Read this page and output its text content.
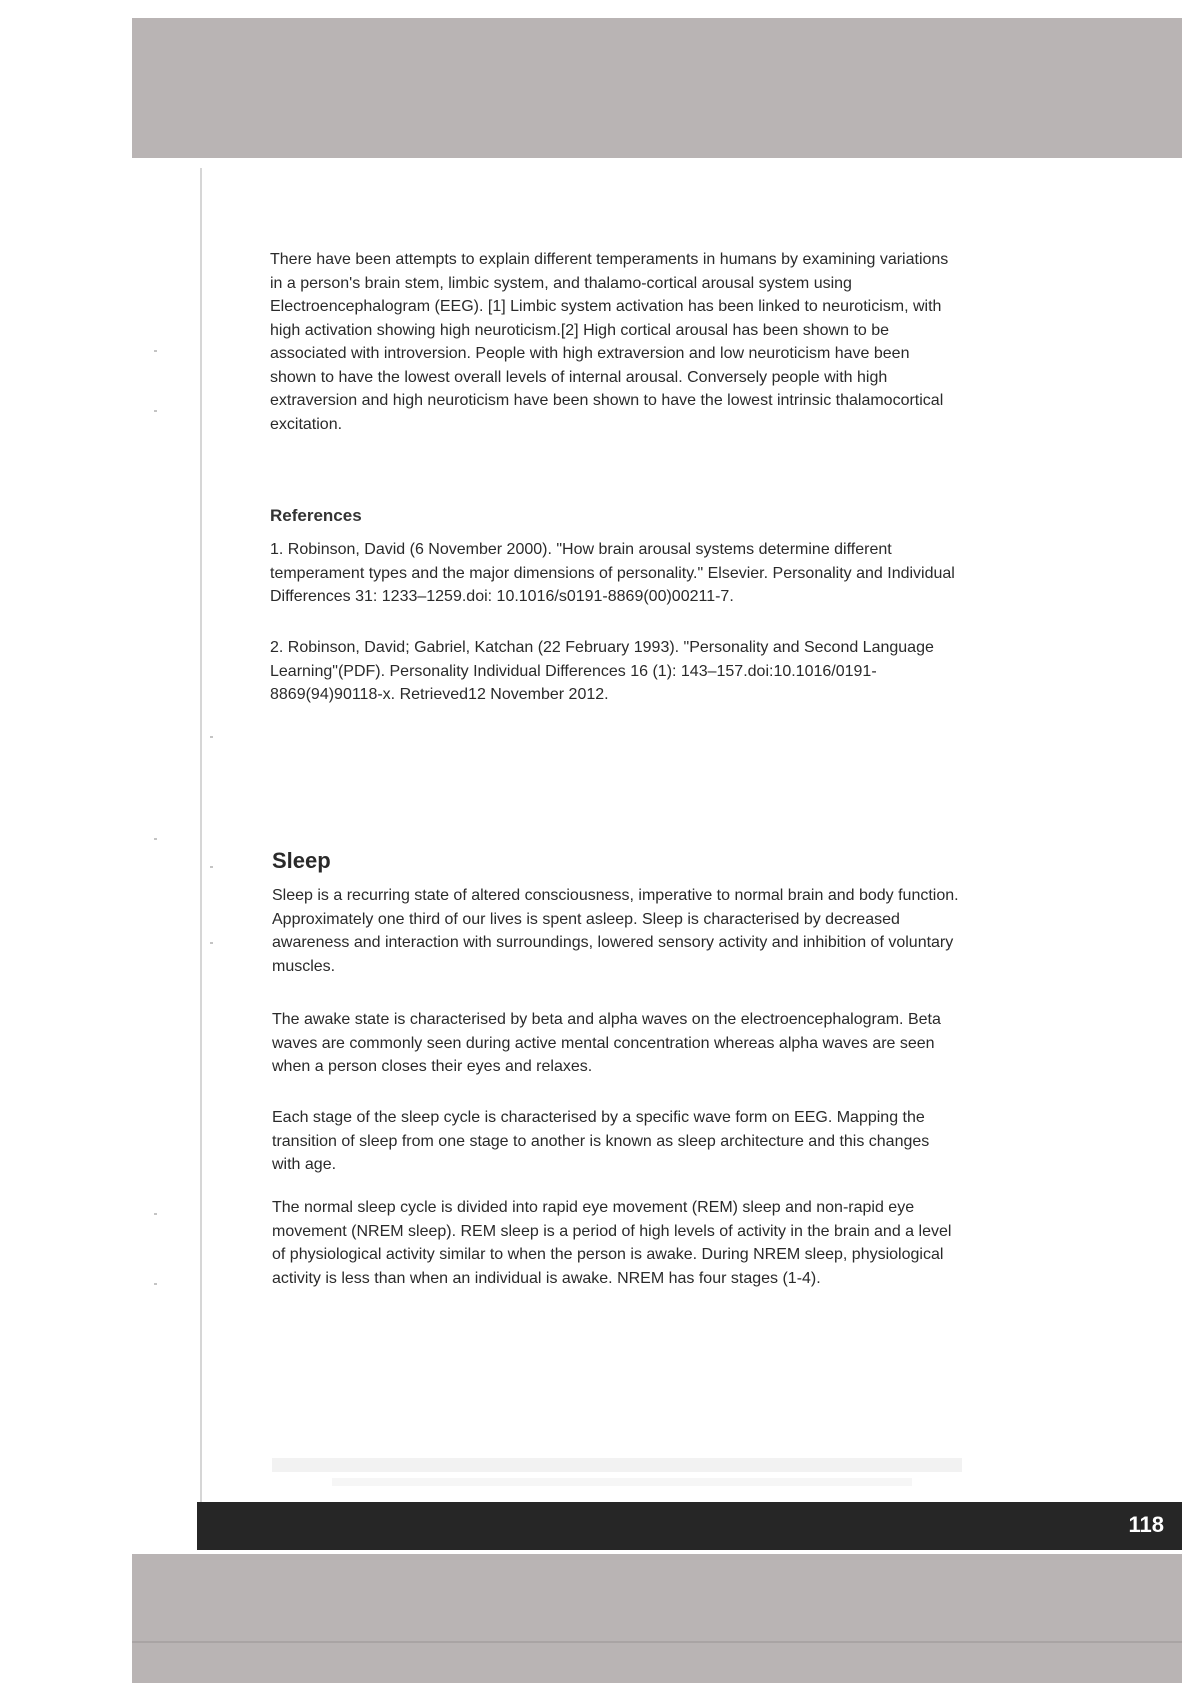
There have been attempts to explain different temperaments in humans by examining variations in a person's brain stem, limbic system, and thalamo-cortical arousal system using Electroencephalogram (EEG). [1] Limbic system activation has been linked to neuroticism, with high activation showing high neuroticism.[2] High cortical arousal has been shown to be associated with introversion. People with high extraversion and low neuroticism have been shown to have the lowest overall levels of internal arousal. Conversely people with high extraversion and high neuroticism have been shown to have the lowest intrinsic thalamocortical excitation.

References
1. Robinson, David (6 November 2000). "How brain arousal systems determine different temperament types and the major dimensions of personality." Elsevier. Personality and Individual Differences 31: 1233–1259.doi: 10.1016/s0191-8869(00)00211-7.
2. Robinson, David; Gabriel, Katchan (22 February 1993). "Personality and Second Language Learning"(PDF). Personality Individual Differences 16 (1): 143–157.doi:10.1016/0191-8869(94)90118-x. Retrieved12 November 2012.
Sleep
Sleep is a recurring state of altered consciousness, imperative to normal brain and body function. Approximately one third of our lives is spent asleep. Sleep is characterised by decreased awareness and interaction with surroundings, lowered sensory activity and inhibition of voluntary muscles.
The awake state is characterised by beta and alpha waves on the electroencephalogram. Beta waves are commonly seen during active mental concentration whereas alpha waves are seen when a person closes their eyes and relaxes.
Each stage of the sleep cycle is characterised by a specific wave form on EEG. Mapping the transition of sleep from one stage to another is known as sleep architecture and this changes with age.
The normal sleep cycle is divided into rapid eye movement (REM) sleep and non-rapid eye movement (NREM sleep). REM sleep is a period of high levels of activity in the brain and a level of physiological activity similar to when the person is awake. During NREM sleep, physiological activity is less than when an individual is awake. NREM has four stages (1-4).
118
